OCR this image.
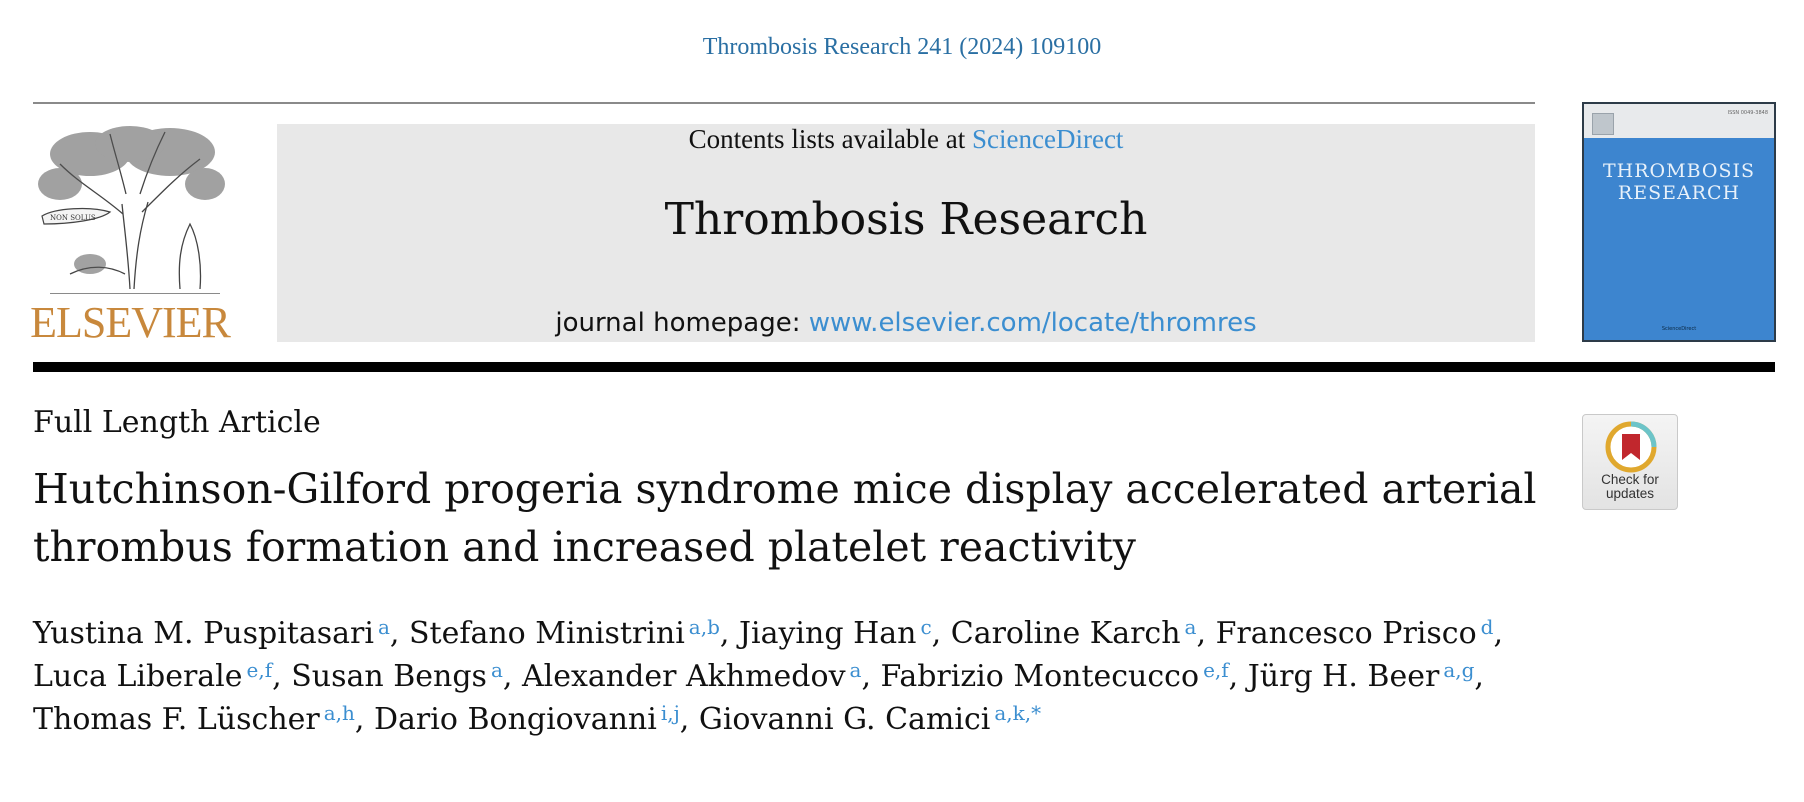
Thrombosis Research 241 (2024) 109100
NON SOLUS
ELSEVIER
Contents lists available at ScienceDirect
Thrombosis Research
journal homepage: www.elsevier.com/locate/thromres
ISSN 0049-3848
THROMBOSIS
RESEARCH
ScienceDirect
Full Length Article
Check for
updates
Hutchinson-Gilford progeria syndrome mice display accelerated arterial thrombus formation and increased platelet reactivity
Yustina M. Puspitasari $^a$, Stefano Ministrini $^{a,b}$, Jiaying Han $^c$, Caroline Karch $^a$, Francesco Prisco $^d$, Luca Liberale $^{e,f}$, Susan Bengs $^a$, Alexander Akhmedov $^a$, Fabrizio Montecucco $^{e,f}$, Jürg H. Beer $^{a,g}$, Thomas F. Lüscher $^{a,h}$, Dario Bongiovanni $^{i,j}$, Giovanni G. Camici $^{a,k,*}$
